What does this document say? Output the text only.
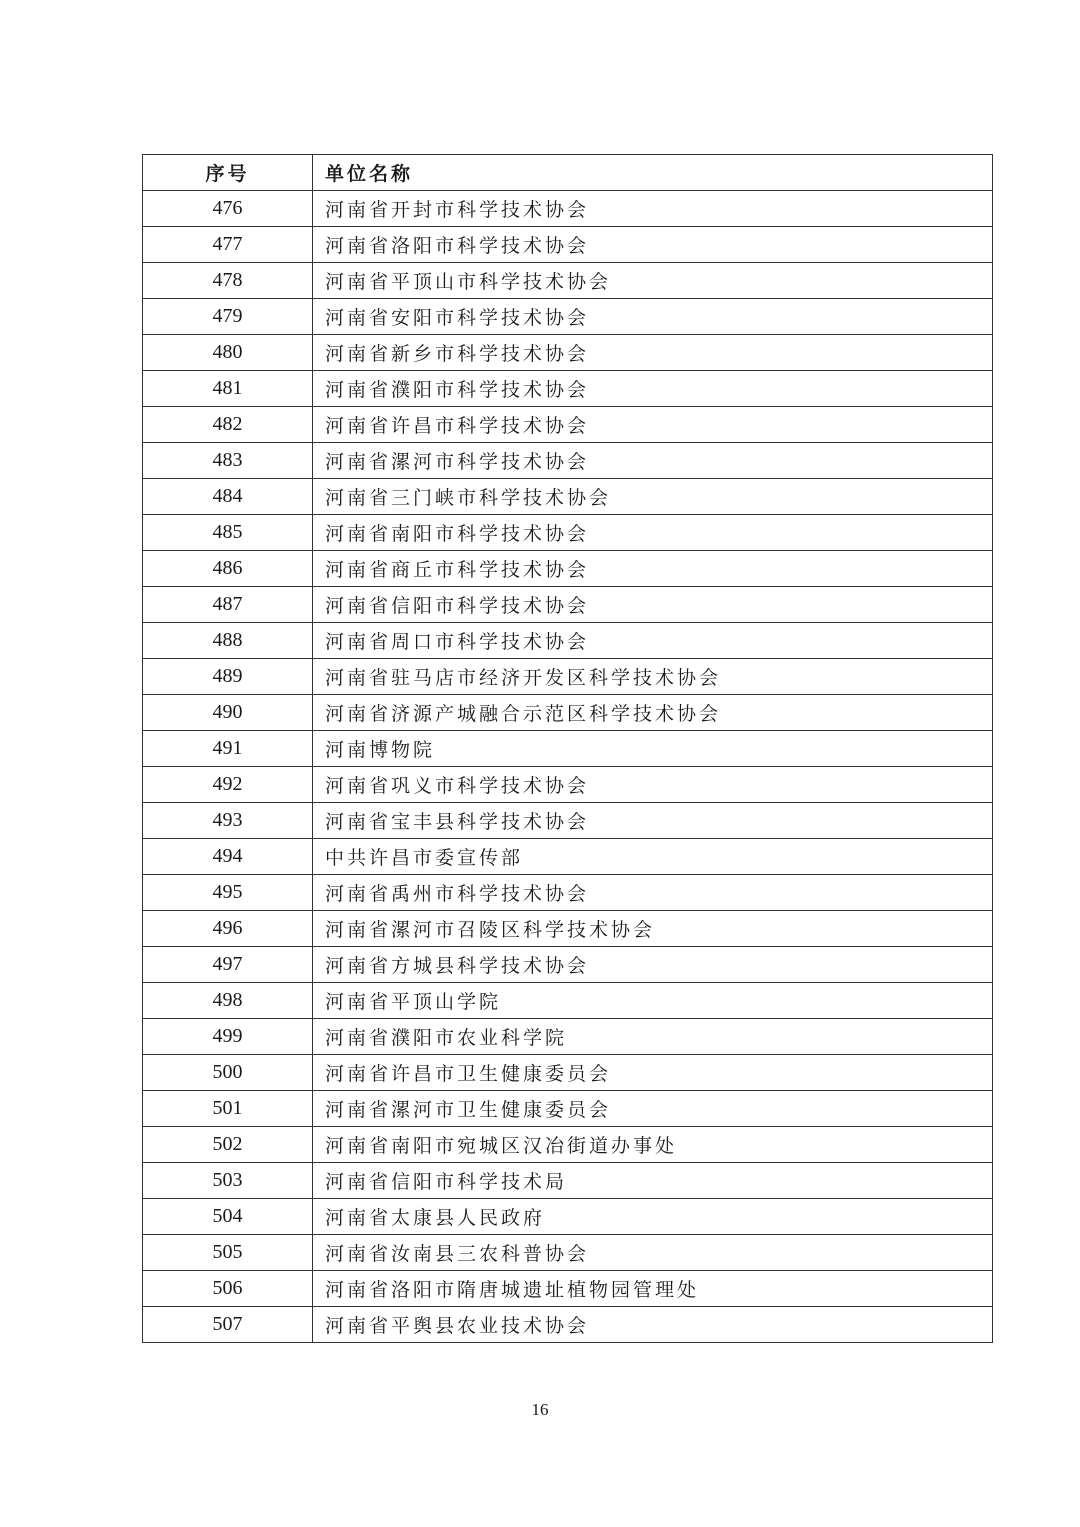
序号	单位名称
476	河南省开封市科学技术协会
477	河南省洛阳市科学技术协会
478	河南省平顶山市科学技术协会
479	河南省安阳市科学技术协会
480	河南省新乡市科学技术协会
481	河南省濮阳市科学技术协会
482	河南省许昌市科学技术协会
483	河南省漯河市科学技术协会
484	河南省三门峡市科学技术协会
485	河南省南阳市科学技术协会
486	河南省商丘市科学技术协会
487	河南省信阳市科学技术协会
488	河南省周口市科学技术协会
489	河南省驻马店市经济开发区科学技术协会
490	河南省济源产城融合示范区科学技术协会
491	河南博物院
492	河南省巩义市科学技术协会
493	河南省宝丰县科学技术协会
494	中共许昌市委宣传部
495	河南省禹州市科学技术协会
496	河南省漯河市召陵区科学技术协会
497	河南省方城县科学技术协会
498	河南省平顶山学院
499	河南省濮阳市农业科学院
500	河南省许昌市卫生健康委员会
501	河南省漯河市卫生健康委员会
502	河南省南阳市宛城区汉冶街道办事处
503	河南省信阳市科学技术局
504	河南省太康县人民政府
505	河南省汝南县三农科普协会
506	河南省洛阳市隋唐城遗址植物园管理处
507	河南省平舆县农业技术协会
16
